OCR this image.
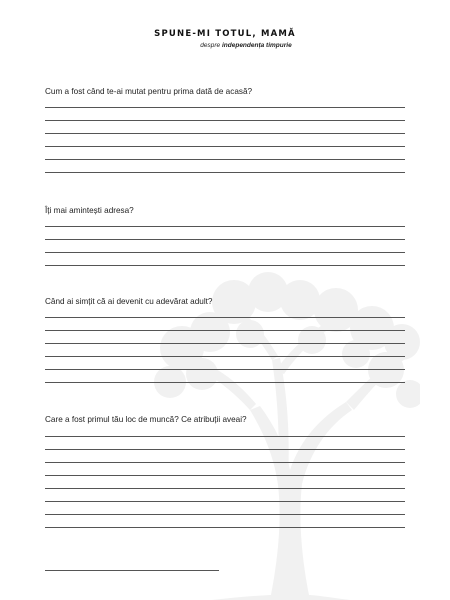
SPUNE-MI TOTUL, MAMĂ
despre independența timpurie
Cum a fost când te-ai mutat pentru prima dată de acasă?
Îți mai amintești adresa?
Când ai simțit că ai devenit cu adevărat adult?
Care a fost primul tău loc de muncă? Ce atribuții aveai?
